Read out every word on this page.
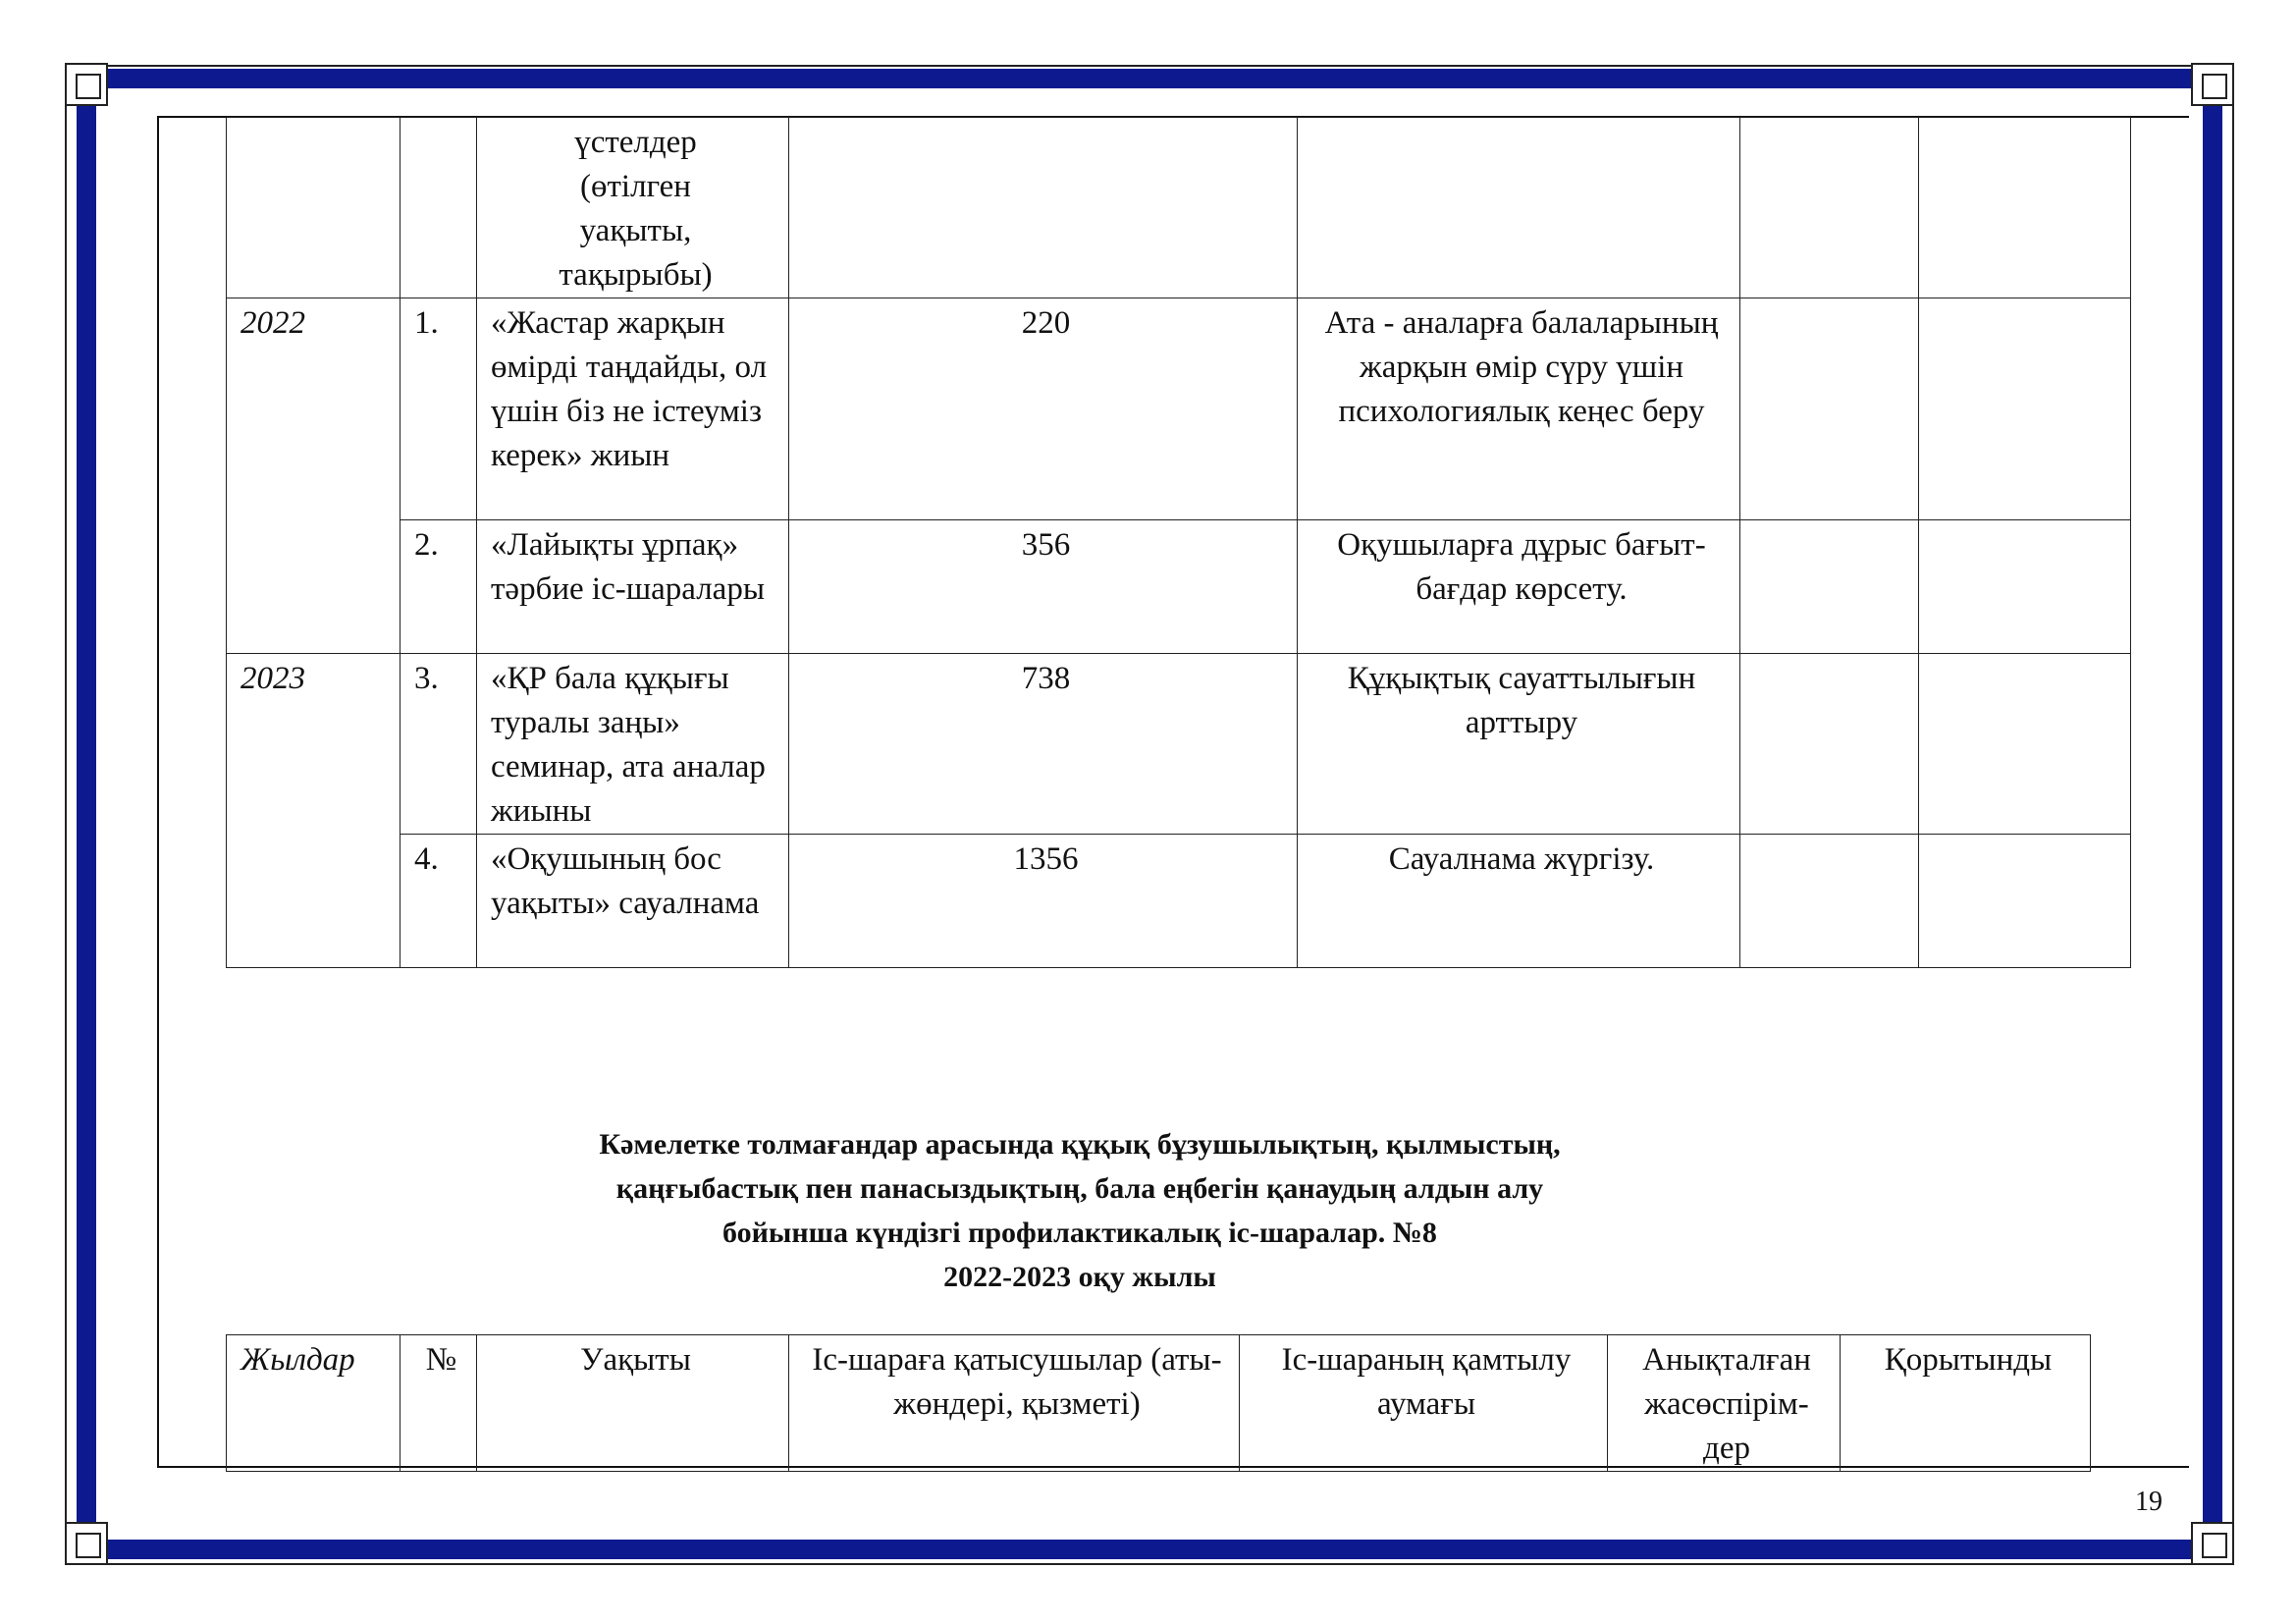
		үстелдер
(өтілген
уақыты,
тақырыбы)				
2022	1.	«Жастар жарқын өмірді таңдайды, ол үшін біз не істеуміз керек» жиын	220	Ата - аналарға балаларының жарқын өмір сүру үшін психологиялық кеңес беру		
	2.	«Лайықты ұрпақ» тәрбие іс-шаралары	356	Оқушыларға дұрыс бағыт-бағдар көрсету.		
2023	3.	«ҚР бала құқығы туралы заңы» семинар, ата аналар жиыны	738	Құқықтық сауаттылығын арттыру		
	4.	«Оқушының бос уақыты» сауалнама	1356	Сауалнама жүргізу.		
Кәмелетке толмағандар арасында құқық бұзушылықтың, қылмыстың,
қаңғыбастық пен панасыздықтың, бала еңбегін қанаудың алдын алу
бойынша күндізгі профилактикалық іс-шаралар. №8
2022-2023 оқу жылы
Жылдар	№	Уақыты	Іс-шараға қатысушылар (аты-жөндері, қызметі)	Іс-шараның қамтылу аумағы	Анықталған жасөспірім-дер	Қорытынды
19
